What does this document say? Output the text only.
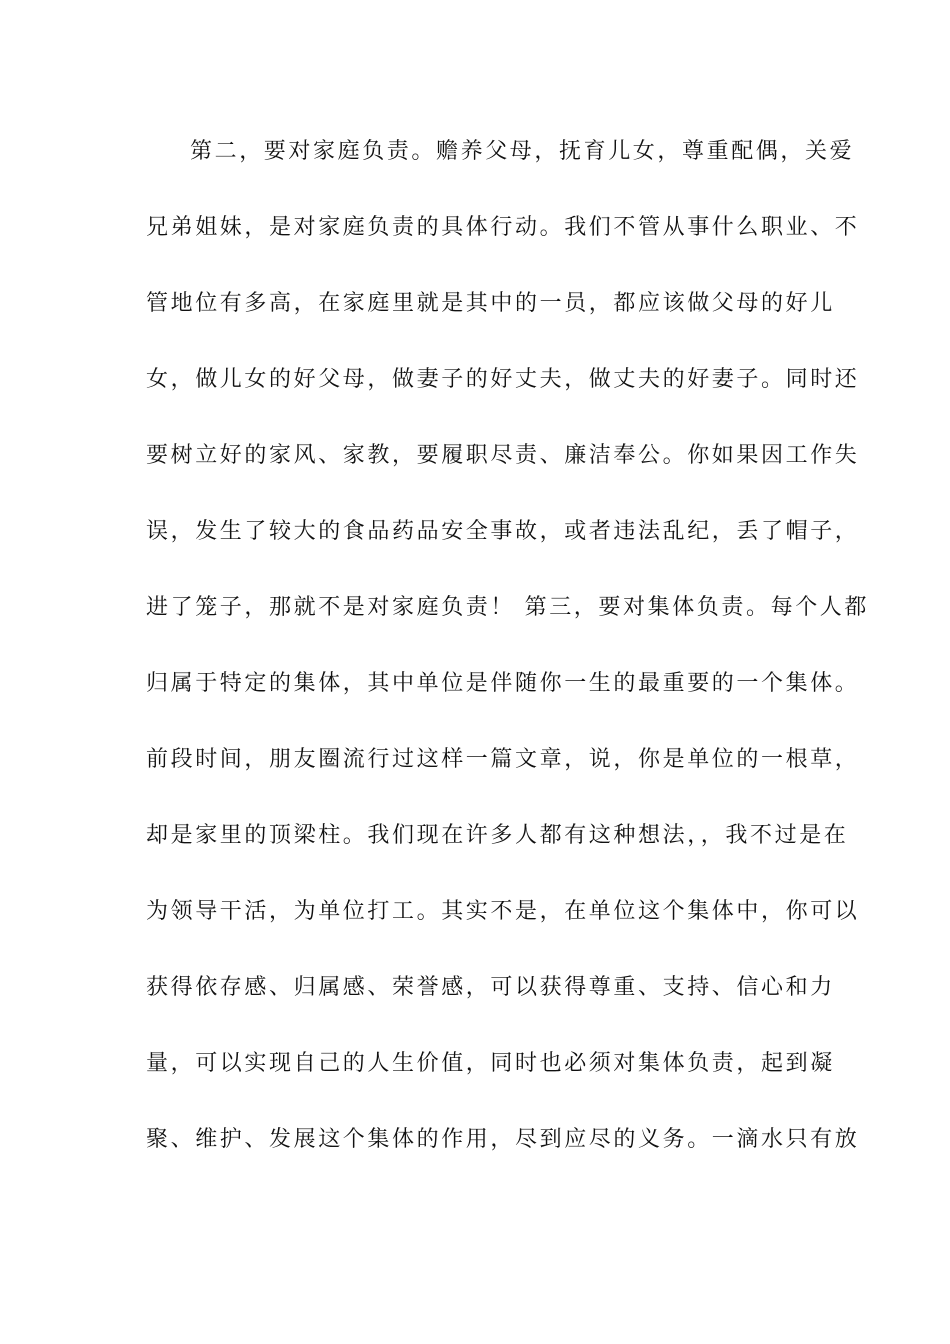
第二，要对家庭负责。赡养父母，抚育儿女，尊重配偶，关爱
兄弟姐妹，是对家庭负责的具体行动。我们不管从事什么职业、不
管地位有多高，在家庭里就是其中的一员，都应该做父母的好儿
女，做儿女的好父母，做妻子的好丈夫，做丈夫的好妻子。同时还
要树立好的家风、家教，要履职尽责、廉洁奉公。你如果因工作失
误，发生了较大的食品药品安全事故，或者违法乱纪，丢了帽子，
进了笼子，那就不是对家庭负责！ 第三，要对集体负责。每个人都
归属于特定的集体，其中单位是伴随你一生的最重要的一个集体。
前段时间，朋友圈流行过这样一篇文章，说，你是单位的一根草，
却是家里的顶梁柱。我们现在许多人都有这种想法，，我不过是在
为领导干活，为单位打工。其实不是，在单位这个集体中，你可以
获得依存感、归属感、荣誉感，可以获得尊重、支持、信心和力
量，可以实现自己的人生价值，同时也必须对集体负责，起到凝
聚、维护、发展这个集体的作用，尽到应尽的义务。一滴水只有放
